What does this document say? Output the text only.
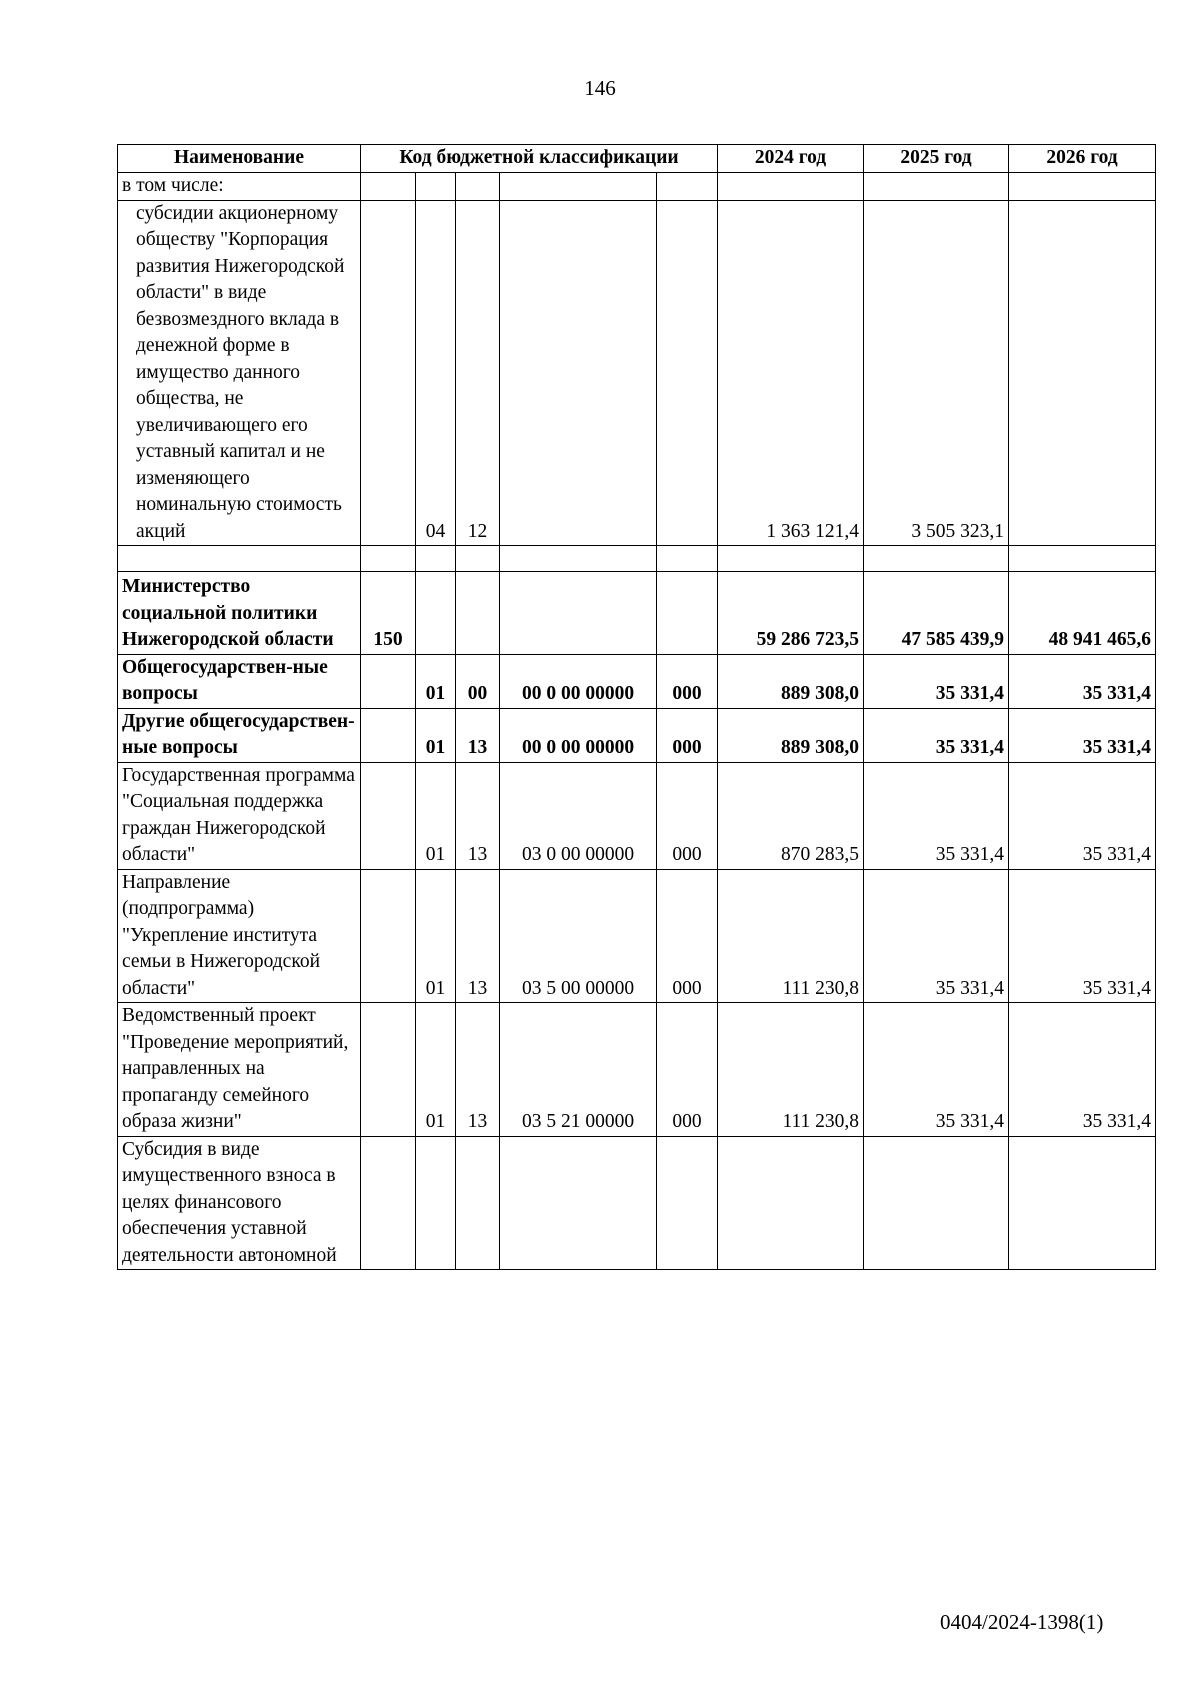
146
Наименование	Код бюджетной классификации					2024 год	2025 год	2026 год
в том числе:								
субсидии акционерному обществу "Корпорация развития Нижегородской области" в виде безвозмездного вклада в денежной форме в имущество данного общества, не увеличивающего его уставный капитал и не изменяющего номинальную стоимость акций		04	12			1 363 121,4	3 505 323,1	

Министерство социальной политики Нижегородской области	150					59 286 723,5	47 585 439,9	48 941 465,6
Общегосударствен-ные вопросы		01	00	00 0 00 00000	000	889 308,0	35 331,4	35 331,4
Другие общегосударствен-ные вопросы		01	13	00 0 00 00000	000	889 308,0	35 331,4	35 331,4
Государственная программа "Социальная поддержка граждан Нижегородской области"		01	13	03 0 00 00000	000	870 283,5	35 331,4	35 331,4
Направление (подпрограмма) "Укрепление института семьи в Нижегородской области"		01	13	03 5 00 00000	000	111 230,8	35 331,4	35 331,4
Ведомственный проект "Проведение мероприятий, направленных на пропаганду семейного образа жизни"		01	13	03 5 21 00000	000	111 230,8	35 331,4	35 331,4
Субсидия в виде имущественного взноса в целях финансового обеспечения уставной деятельности автономной								
0404/2024-1398(1)
